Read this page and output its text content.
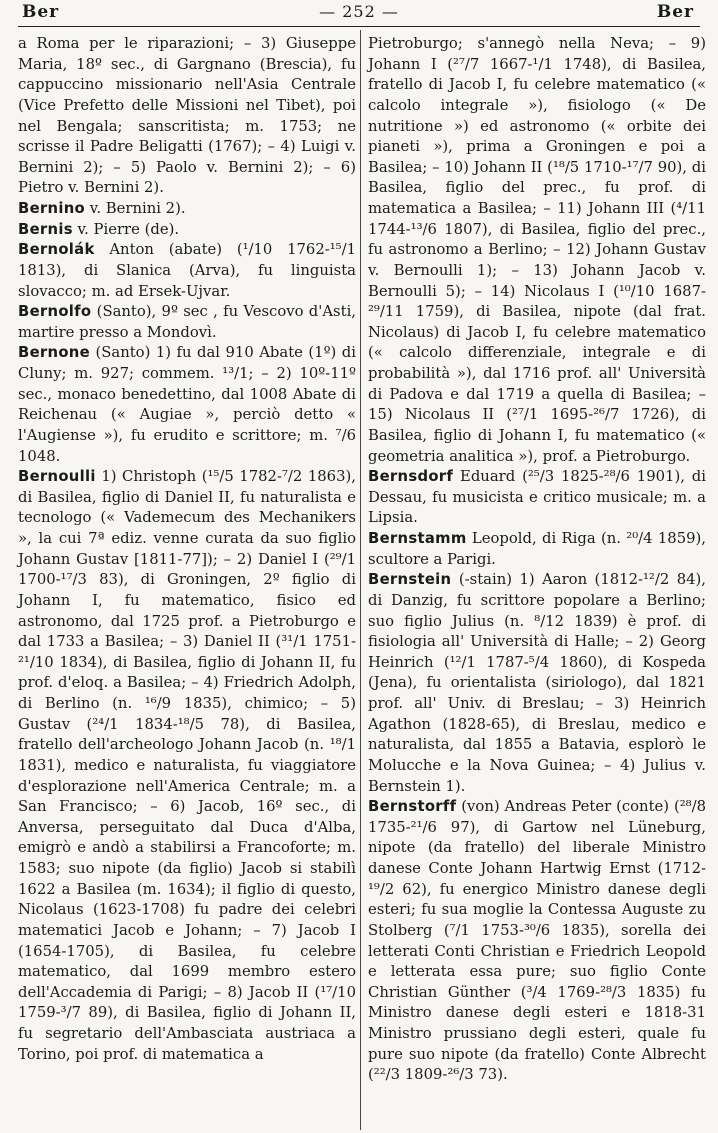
Ber	— 252 —	Ber

a Roma per le riparazioni; – 3) Giuseppe Maria, 18º sec., di Gargnano (Brescia), fu cappuccino missionario nell'Asia Centrale (Vice Prefetto delle Missioni nel Tibet), poi nel Bengala; sanscritista; m. 1753; ne scrisse il Padre Beligatti (1767); – 4) Luigi v. Bernini 2); – 5) Paolo v. Bernini 2); – 6) Pietro v. Bernini 2).

Bernino v. Bernini 2).

Bernis v. Pierre (de).

Bernolák Anton (abate) (¹/10 1762-¹⁵/1 1813), di Slanica (Arva), fu linguista slovacco; m. ad Ersek-Ujvar.

Bernolfo (Santo), 9º sec , fu Vescovo d'Asti, martire presso a Mondovì.

Bernone (Santo) 1) fu dal 910 Abate (1º) di Cluny; m. 927; commem. ¹³/1; – 2) 10º-11º sec., monaco benedettino, dal 1008 Abate di Reichenau (« Augiae », perciò detto « l'Augiense »), fu erudito e scrittore; m. ⁷/6 1048.

Bernoulli 1) Christoph (¹⁵/5 1782-⁷/2 1863), di Basilea, figlio di Daniel II, fu naturalista e tecnologo (« Vademecum des Mechanikers », la cui 7ª ediz. venne curata da suo figlio Johann Gustav [1811-77]); – 2) Daniel I (²⁹/1 1700-¹⁷/3 83), di Groningen, 2º figlio di Johann I, fu matematico, fisico ed astronomo, dal 1725 prof. a Pietroburgo e dal 1733 a Basilea; – 3) Daniel II (³¹/1 1751-²¹/10 1834), di Basilea, figlio di Johann II, fu prof. d'eloq. a Basilea; – 4) Friedrich Adolph, di Berlino (n. ¹⁶/9 1835), chimico; – 5) Gustav (²⁴/1 1834-¹⁸/5 78), di Basilea, fratello dell'archeologo Johann Jacob (n. ¹⁸/1 1831), medico e naturalista, fu viaggiatore d'esplorazione nell'America Centrale; m. a San Francisco; – 6) Jacob, 16º sec., di Anversa, perseguitato dal Duca d'Alba, emigrò e andò a stabilirsi a Francoforte; m. 1583; suo nipote (da figlio) Jacob si stabilì 1622 a Basilea (m. 1634); il figlio di questo, Nicolaus (1623-1708) fu padre dei celebri matematici Jacob e Johann; – 7) Jacob I (1654-1705), di Basilea, fu celebre matematico, dal 1699 membro estero dell'Accademia di Parigi; – 8) Jacob II (¹⁷/10 1759-³/7 89), di Basilea, figlio di Johann II, fu segretario dell'Ambasciata austriaca a Torino, poi prof. di matematica a

Pietroburgo; s'annegò nella Neva; – 9) Johann I (²⁷/7 1667-¹/1 1748), di Basilea, fratello di Jacob I, fu celebre matematico (« calcolo integrale »), fisiologo (« De nutritione ») ed astronomo (« orbite dei pianeti »), prima a Groningen e poi a Basilea; – 10) Johann II (¹⁸/5 1710-¹⁷/7 90), di Basilea, figlio del prec., fu prof. di matematica a Basilea; – 11) Johann III (⁴/11 1744-¹³/6 1807), di Basilea, figlio del prec., fu astronomo a Berlino; – 12) Johann Gustav v. Bernoulli 1); – 13) Johann Jacob v. Bernoulli 5); – 14) Nicolaus I (¹⁰/10 1687-²⁹/11 1759), di Basilea, nipote (dal frat. Nicolaus) di Jacob I, fu celebre matematico (« calcolo differenziale, integrale e di probabilità »), dal 1716 prof. all' Università di Padova e dal 1719 a quella di Basilea; – 15) Nicolaus II (²⁷/1 1695-²⁶/7 1726), di Basilea, figlio di Johann I, fu matematico (« geometria analitica »), prof. a Pietroburgo.

Bernsdorf Eduard (²⁵/3 1825-²⁸/6 1901), di Dessau, fu musicista e critico musicale; m. a Lipsia.

Bernstamm Leopold, di Riga (n. ²⁰/4 1859), scultore a Parigi.

Bernstein (-stain) 1) Aaron (1812-¹²/2 84), di Danzig, fu scrittore popolare a Berlino; suo figlio Julius (n. ⁸/12 1839) è prof. di fisiologia all' Università di Halle; – 2) Georg Heinrich (¹²/1 1787-⁵/4 1860), di Kospeda (Jena), fu orientalista (siriologo), dal 1821 prof. all' Univ. di Breslau; – 3) Heinrich Agathon (1828-65), di Breslau, medico e naturalista, dal 1855 a Batavia, esplorò le Molucche e la Nova Guinea; – 4) Julius v. Bernstein 1).

Bernstorff (von) Andreas Peter (conte) (²⁸/8 1735-²¹/6 97), di Gartow nel Lüneburg, nipote (da fratello) del liberale Ministro danese Conte Johann Hartwig Ernst (1712-¹⁹/2 62), fu energico Ministro danese degli esteri; fu sua moglie la Contessa Auguste zu Stolberg (⁷/1 1753-³⁰/6 1835), sorella dei letterati Conti Christian e Friedrich Leopold e letterata essa pure; suo figlio Conte Christian Günther (³/4 1769-²⁸/3 1835) fu Ministro danese degli esteri e 1818-31 Ministro prussiano degli esteri, quale fu pure suo nipote (da fratello) Conte Albrecht (²²/3 1809-²⁶/3 73).
